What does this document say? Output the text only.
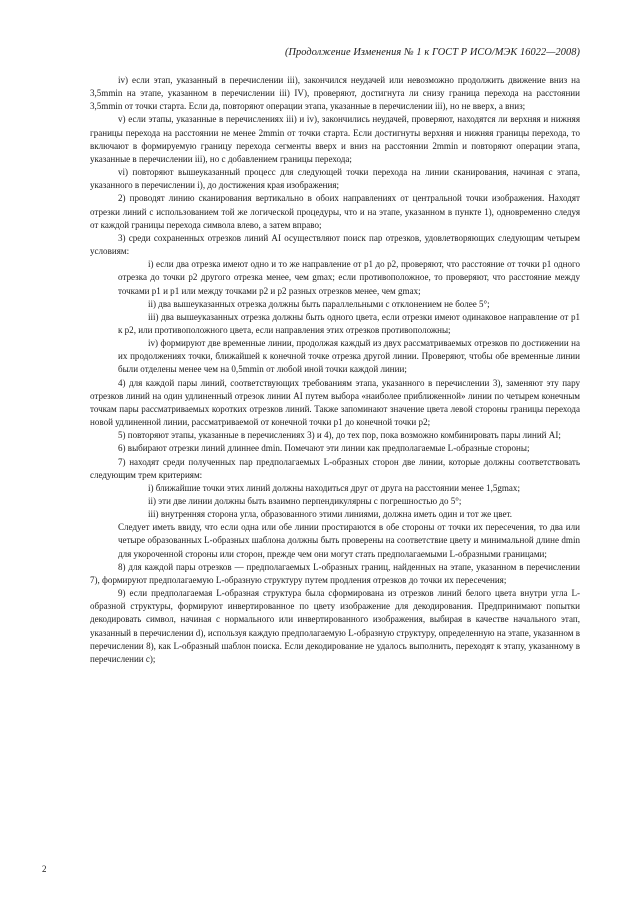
(Продолжение Изменения № 1 к ГОСТ Р ИСО/МЭК 16022—2008)

iv) если этап, указанный в перечислении iii), закончился неудачей или невозможно продолжить движение вниз на 3,5mmin на этапе, указанном в перечислении iii) IV), проверяют, достигнута ли снизу граница перехода на расстоянии 3,5mmin от точки старта. Если да, повторяют операции этапа, указанные в перечислении iii), но не вверх, а вниз;

v) если этапы, указанные в перечислениях iii) и iv), закончились неудачей, проверяют, находятся ли верхняя и нижняя границы перехода на расстоянии не менее 2mmin от точки старта. Если достигнуты верхняя и нижняя границы перехода, то включают в формируемую границу перехода сегменты вверх и вниз на расстоянии 2mmin и повторяют операции этапа, указанные в перечислении iii), но с добавлением границы перехода;

vi) повторяют вышеуказанный процесс для следующей точки перехода на линии сканирования, начиная с этапа, указанного в перечислении i), до достижения края изображения;

2) проводят линию сканирования вертикально в обоих направлениях от центральной точки изображения. Находят отрезки линий с использованием той же логической процедуры, что и на этапе, указанном в пункте 1), одновременно следуя от каждой границы перехода символа влево, а затем вправо;

3) среди сохраненных отрезков линий AI осуществляют поиск пар отрезков, удовлетворяющих следующим четырем условиям:

i) если два отрезка имеют одно и то же направление от p1 до p2, проверяют, что расстояние от точки p1 одного отрезка до точки p2 другого отрезка менее, чем gmax; если противоположное, то проверяют, что расстояние между точками p1 и p1 или между точками p2 и p2 разных отрезков менее, чем gmax;

ii) два вышеуказанных отрезка должны быть параллельными с отклонением не более 5°;

iii) два вышеуказанных отрезка должны быть одного цвета, если отрезки имеют одинаковое направление от p1 к p2, или противоположного цвета, если направления этих отрезков противоположны;

iv) формируют две временные линии, продолжая каждый из двух рассматриваемых отрезков по достижении на их продолжениях точки, ближайшей к конечной точке отрезка другой линии. Проверяют, чтобы обе временные линии были отделены менее чем на 0,5mmin от любой иной точки каждой линии;

4) для каждой пары линий, соответствующих требованиям этапа, указанного в перечислении 3), заменяют эту пару отрезков линий на один удлиненный отрезок линии AI путем выбора «наиболее приближенной» линии по четырем конечным точкам пары рассматриваемых коротких отрезков линий. Также запоминают значение цвета левой стороны границы перехода новой удлиненной линии, рассматриваемой от конечной точки p1 до конечной точки p2;

5) повторяют этапы, указанные в перечислениях 3) и 4), до тех пор, пока возможно комбинировать пары линий AI;

6) выбирают отрезки линий длиннее dmin. Помечают эти линии как предполагаемые L-образные стороны;

7) находят среди полученных пар предполагаемых L-образных сторон две линии, которые должны соответствовать следующим трем критериям:

i) ближайшие точки этих линий должны находиться друг от друга на расстоянии менее 1,5gmax;

ii) эти две линии должны быть взаимно перпендикулярны с погрешностью до 5°;

iii) внутренняя сторона угла, образованного этими линиями, должна иметь один и тот же цвет.

Следует иметь ввиду, что если одна или обе линии простираются в обе стороны от точки их пересечения, то два или четыре образованных L-образных шаблона должны быть проверены на соответствие цвету и минимальной длине dmin для укороченной стороны или сторон, прежде чем они могут стать предполагаемыми L-образными границами;

8) для каждой пары отрезков — предполагаемых L-образных границ, найденных на этапе, указанном в перечислении 7), формируют предполагаемую L-образную структуру путем продления отрезков до точки их пересечения;

9) если предполагаемая L-образная структура была сформирована из отрезков линий белого цвета внутри угла L-образной структуры, формируют инвертированное по цвету изображение для декодирования. Предпринимают попытки декодировать символ, начиная с нормального или инвертированного изображения, выбирая в качестве начального этап, указанный в перечислении d), используя каждую предполагаемую L-образную структуру, определенную на этапе, указанном в перечислении 8), как L-образный шаблон поиска. Если декодирование не удалось выполнить, переходят к этапу, указанному в перечислении с);

2
